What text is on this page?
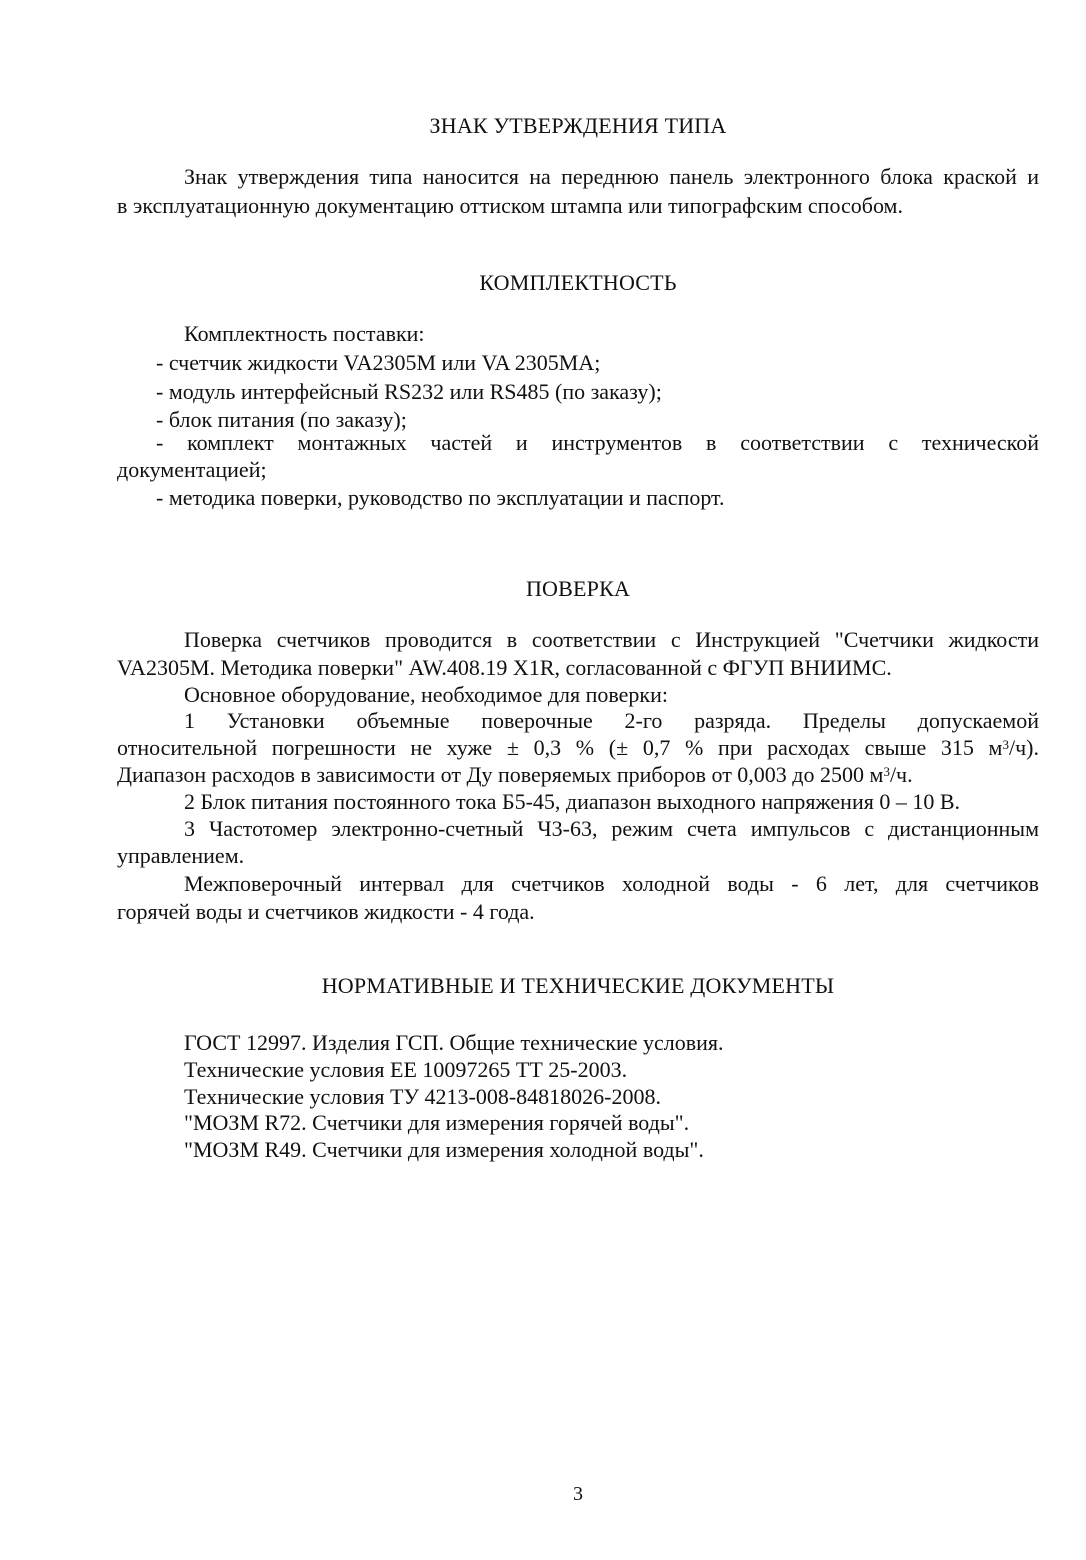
ЗНАК УТВЕРЖДЕНИЯ ТИПА
Знак утверждения типа наносится на переднюю панель электронного блока краской и
в эксплуатационную документацию оттиском штампа или типографским способом.
КОМПЛЕКТНОСТЬ
Комплектность поставки:
- счетчик жидкости VA2305M или VA 2305MA;
- модуль интерфейсный RS232 или RS485 (по заказу);
- блок питания (по заказу);
- комплект монтажных частей и инструментов в соответствии с технической
документацией;
- методика поверки, руководство по эксплуатации и паспорт.
ПОВЕРКА
Поверка счетчиков проводится в соответствии с Инструкцией "Счетчики жидкости
VA2305M. Методика поверки" AW.408.19 X1R, согласованной с ФГУП ВНИИМС.
Основное оборудование, необходимое для поверки:
1 Установки объемные поверочные 2-го разряда. Пределы допускаемой
относительной погрешности не хуже ± 0,3 % (± 0,7 % при расходах свыше 315 $м^3/ч$).
Диапазон расходов в зависимости от Ду поверяемых приборов от 0,003 до 2500 $м^3/ч$.
2 Блок питания постоянного тока Б5-45, диапазон выходного напряжения 0 – 10 В.
3 Частотомер электронно-счетный Ч3-63, режим счета импульсов с дистанционным
управлением.
Межповерочный интервал для счетчиков холодной воды - 6 лет, для счетчиков
горячей воды и счетчиков жидкости - 4 года.
НОРМАТИВНЫЕ И ТЕХНИЧЕСКИЕ ДОКУМЕНТЫ
ГОСТ 12997. Изделия ГСП. Общие технические условия.
Технические условия ЕЕ 10097265 ТТ 25-2003.
Технические условия ТУ 4213-008-84818026-2008.
"МОЗМ R72. Счетчики для измерения горячей воды".
"МОЗМ R49. Счетчики для измерения холодной воды".
3
